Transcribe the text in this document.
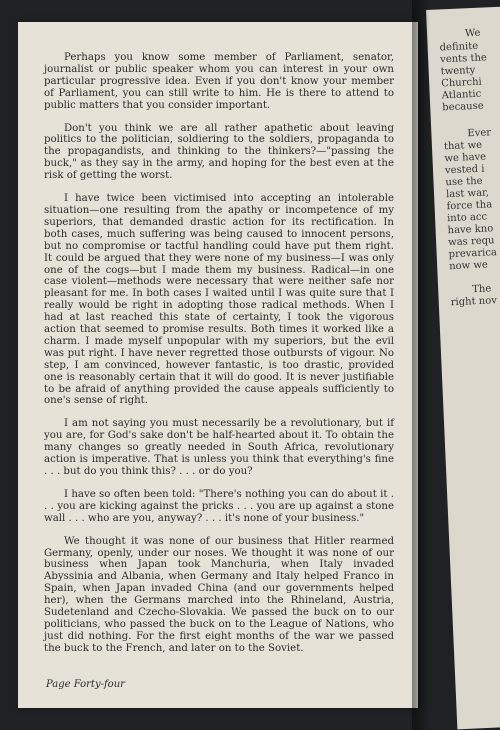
Perhaps you know some member of Parliament, senator, journalist or public speaker whom you can interest in your own particular progressive idea. Even if you don't know your member of Parliament, you can still write to him. He is there to attend to public matters that you consider important.

Don't you think we are all rather apathetic about leaving politics to the politician, soldiering to the soldiers, propaganda to the propagandists, and thinking to the thinkers?—"passing the buck," as they say in the army, and hoping for the best even at the risk of getting the worst.

I have twice been victimised into accepting an intolerable situation—one resulting from the apathy or incompetence of my superiors, that demanded drastic action for its rectification. In both cases, much suffering was being caused to innocent persons, but no compromise or tactful handling could have put them right. It could be argued that they were none of my business—I was only one of the cogs—but I made them my business. Radical—in one case violent—methods were necessary that were neither safe nor pleasant for me. In both cases I waited until I was quite sure that I really would be right in adopting those radical methods. When I had at last reached this state of certainty, I took the vigorous action that seemed to promise results. Both times it worked like a charm. I made myself unpopular with my superiors, but the evil was put right. I have never regretted those outbursts of vigour. No step, I am convinced, however fantastic, is too drastic, provided one is reasonably certain that it will do good. It is never justifiable to be afraid of anything provided the cause appeals sufficiently to one's sense of right.

I am not saying you must necessarily be a revolutionary, but if you are, for God's sake don't be half-hearted about it. To obtain the many changes so greatly needed in South Africa, revolutionary action is imperative. That is unless you think that everything's fine . . . but do you think this? . . . or do you?

I have so often been told: "There's nothing you can do about it . . . you are kicking against the pricks . . . you are up against a stone wall . . . who are you, anyway? . . . it's none of your business."

We thought it was none of our business that Hitler rearmed Germany, openly, under our noses. We thought it was none of our business when Japan took Manchuria, when Italy invaded Abyssinia and Albania, when Germany and Italy helped Franco in Spain, when Japan invaded China (and our governments helped her), when the Germans marched into the Rhineland, Austria, Sudetenland and Czecho-Slovakia. We passed the buck on to our politicians, who passed the buck on to the League of Nations, who just did nothing. For the first eight months of the war we passed the buck to the French, and later on to the Soviet.

Page Forty-four
We
definite
vents the
twenty
Churchi
Atlantic
because
Ever
that we
we have
vested i
use the
last war,
force tha
into acc
have kno
was requ
prevarica
now we
The
right nov
